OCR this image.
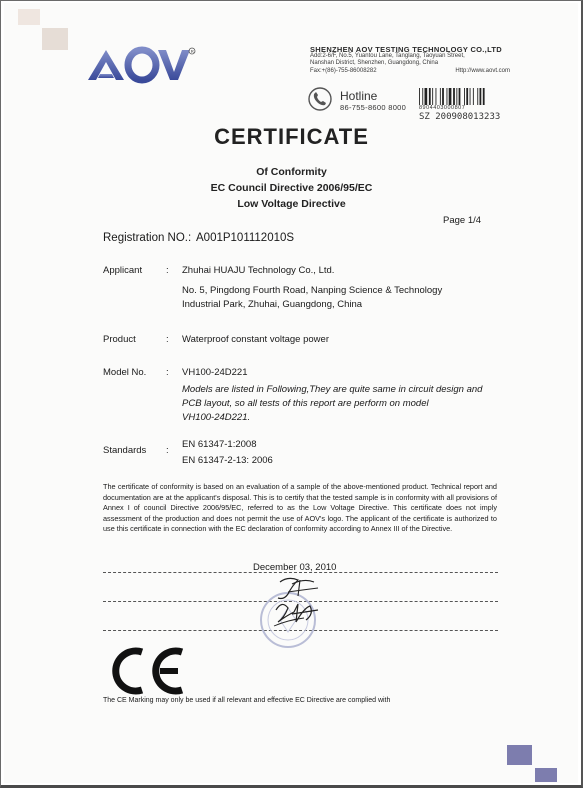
R	SHENZHEN AOV TESTING TECHNOLOGY CO.,LTD
Add:2-6/F, No.5, Yuantou Lane, Tanglang, Taoyuan Street,
Nanshan District, Shenzhen, Guangdong, China
Fax:+(86)-755-86008282	Http://www.aovt.com
Hotline
86-755-8600 8000 8904403000807
SZ 200908013233
CERTIFICATE
Of Conformity
EC Council Directive 2006/95/EC
Low Voltage Directive
Page 1/4
Registration NO.: A001P101112010S
Applicant	: Zhuhai HUAJU Technology Co., Ltd.
No. 5, Pingdong Fourth Road, Nanping Science & Technology
Industrial Park, Zhuhai, Guangdong, China
Product	: Waterproof constant voltage power
Model No. : VH100-24D221
Models are listed in Following,They are quite same in circuit design and
PCB layout, so all tests of this report are perform on model
VH100-24D221.
Standards :
EN 61347-1:2008
EN 61347-2-13: 2006
The certificate of conformity is based on an evaluation of a sample of the above-mentioned product. Technical report and documentation are at the applicant's disposal. This is to certify that the tested sample is in conformity with all provisions of Annex I of council Directive 2006/95/EC, referred to as the Low Voltage Directive. This certificate does not imply assessment of the production and does not permit the use of AOV's logo. The applicant of the certificate is authorized to use this certificate in connection with the EC declaration of conformity according to Annex III of the Directive.
December 03, 2010
The CE Marking may only be used if all relevant and effective EC Directive are complied with
